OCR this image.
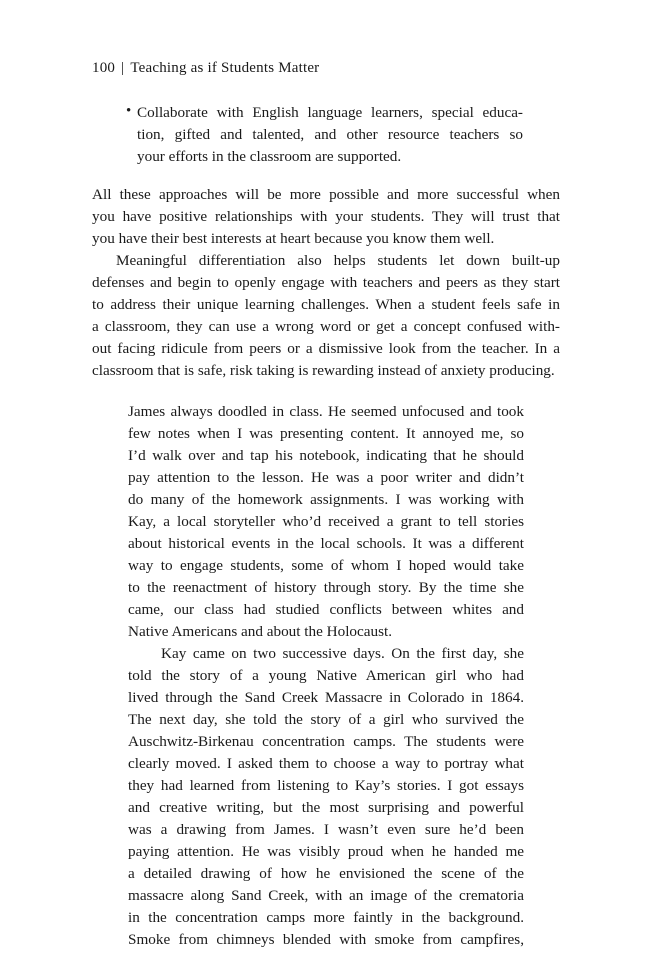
100 | Teaching as if Students Matter
• Collaborate with English language learners, special educa-
tion, gifted and talented, and other resource teachers so
your efforts in the classroom are supported.
All these approaches will be more possible and more successful when
you have positive relationships with your students. They will trust that
you have their best interests at heart because you know them well.
Meaningful differentiation also helps students let down built-up
defenses and begin to openly engage with teachers and peers as they start
to address their unique learning challenges. When a student feels safe in
a classroom, they can use a wrong word or get a concept confused with-
out facing ridicule from peers or a dismissive look from the teacher. In a
classroom that is safe, risk taking is rewarding instead of anxiety producing.
James always doodled in class. He seemed unfocused and took
few notes when I was presenting content. It annoyed me, so
I’d walk over and tap his notebook, indicating that he should
pay attention to the lesson. He was a poor writer and didn’t
do many of the homework assignments. I was working with
Kay, a local storyteller who’d received a grant to tell stories
about historical events in the local schools. It was a different
way to engage students, some of whom I hoped would take
to the reenactment of history through story. By the time she
came, our class had studied conflicts between whites and
Native Americans and about the Holocaust.
Kay came on two successive days. On the first day, she
told the story of a young Native American girl who had
lived through the Sand Creek Massacre in Colorado in 1864.
The next day, she told the story of a girl who survived the
Auschwitz-Birkenau concentration camps. The students were
clearly moved. I asked them to choose a way to portray what
they had learned from listening to Kay’s stories. I got essays
and creative writing, but the most surprising and powerful
was a drawing from James. I wasn’t even sure he’d been
paying attention. He was visibly proud when he handed me
a detailed drawing of how he envisioned the scene of the
massacre along Sand Creek, with an image of the crematoria
in the concentration camps more faintly in the background.
Smoke from chimneys blended with smoke from campfires,
